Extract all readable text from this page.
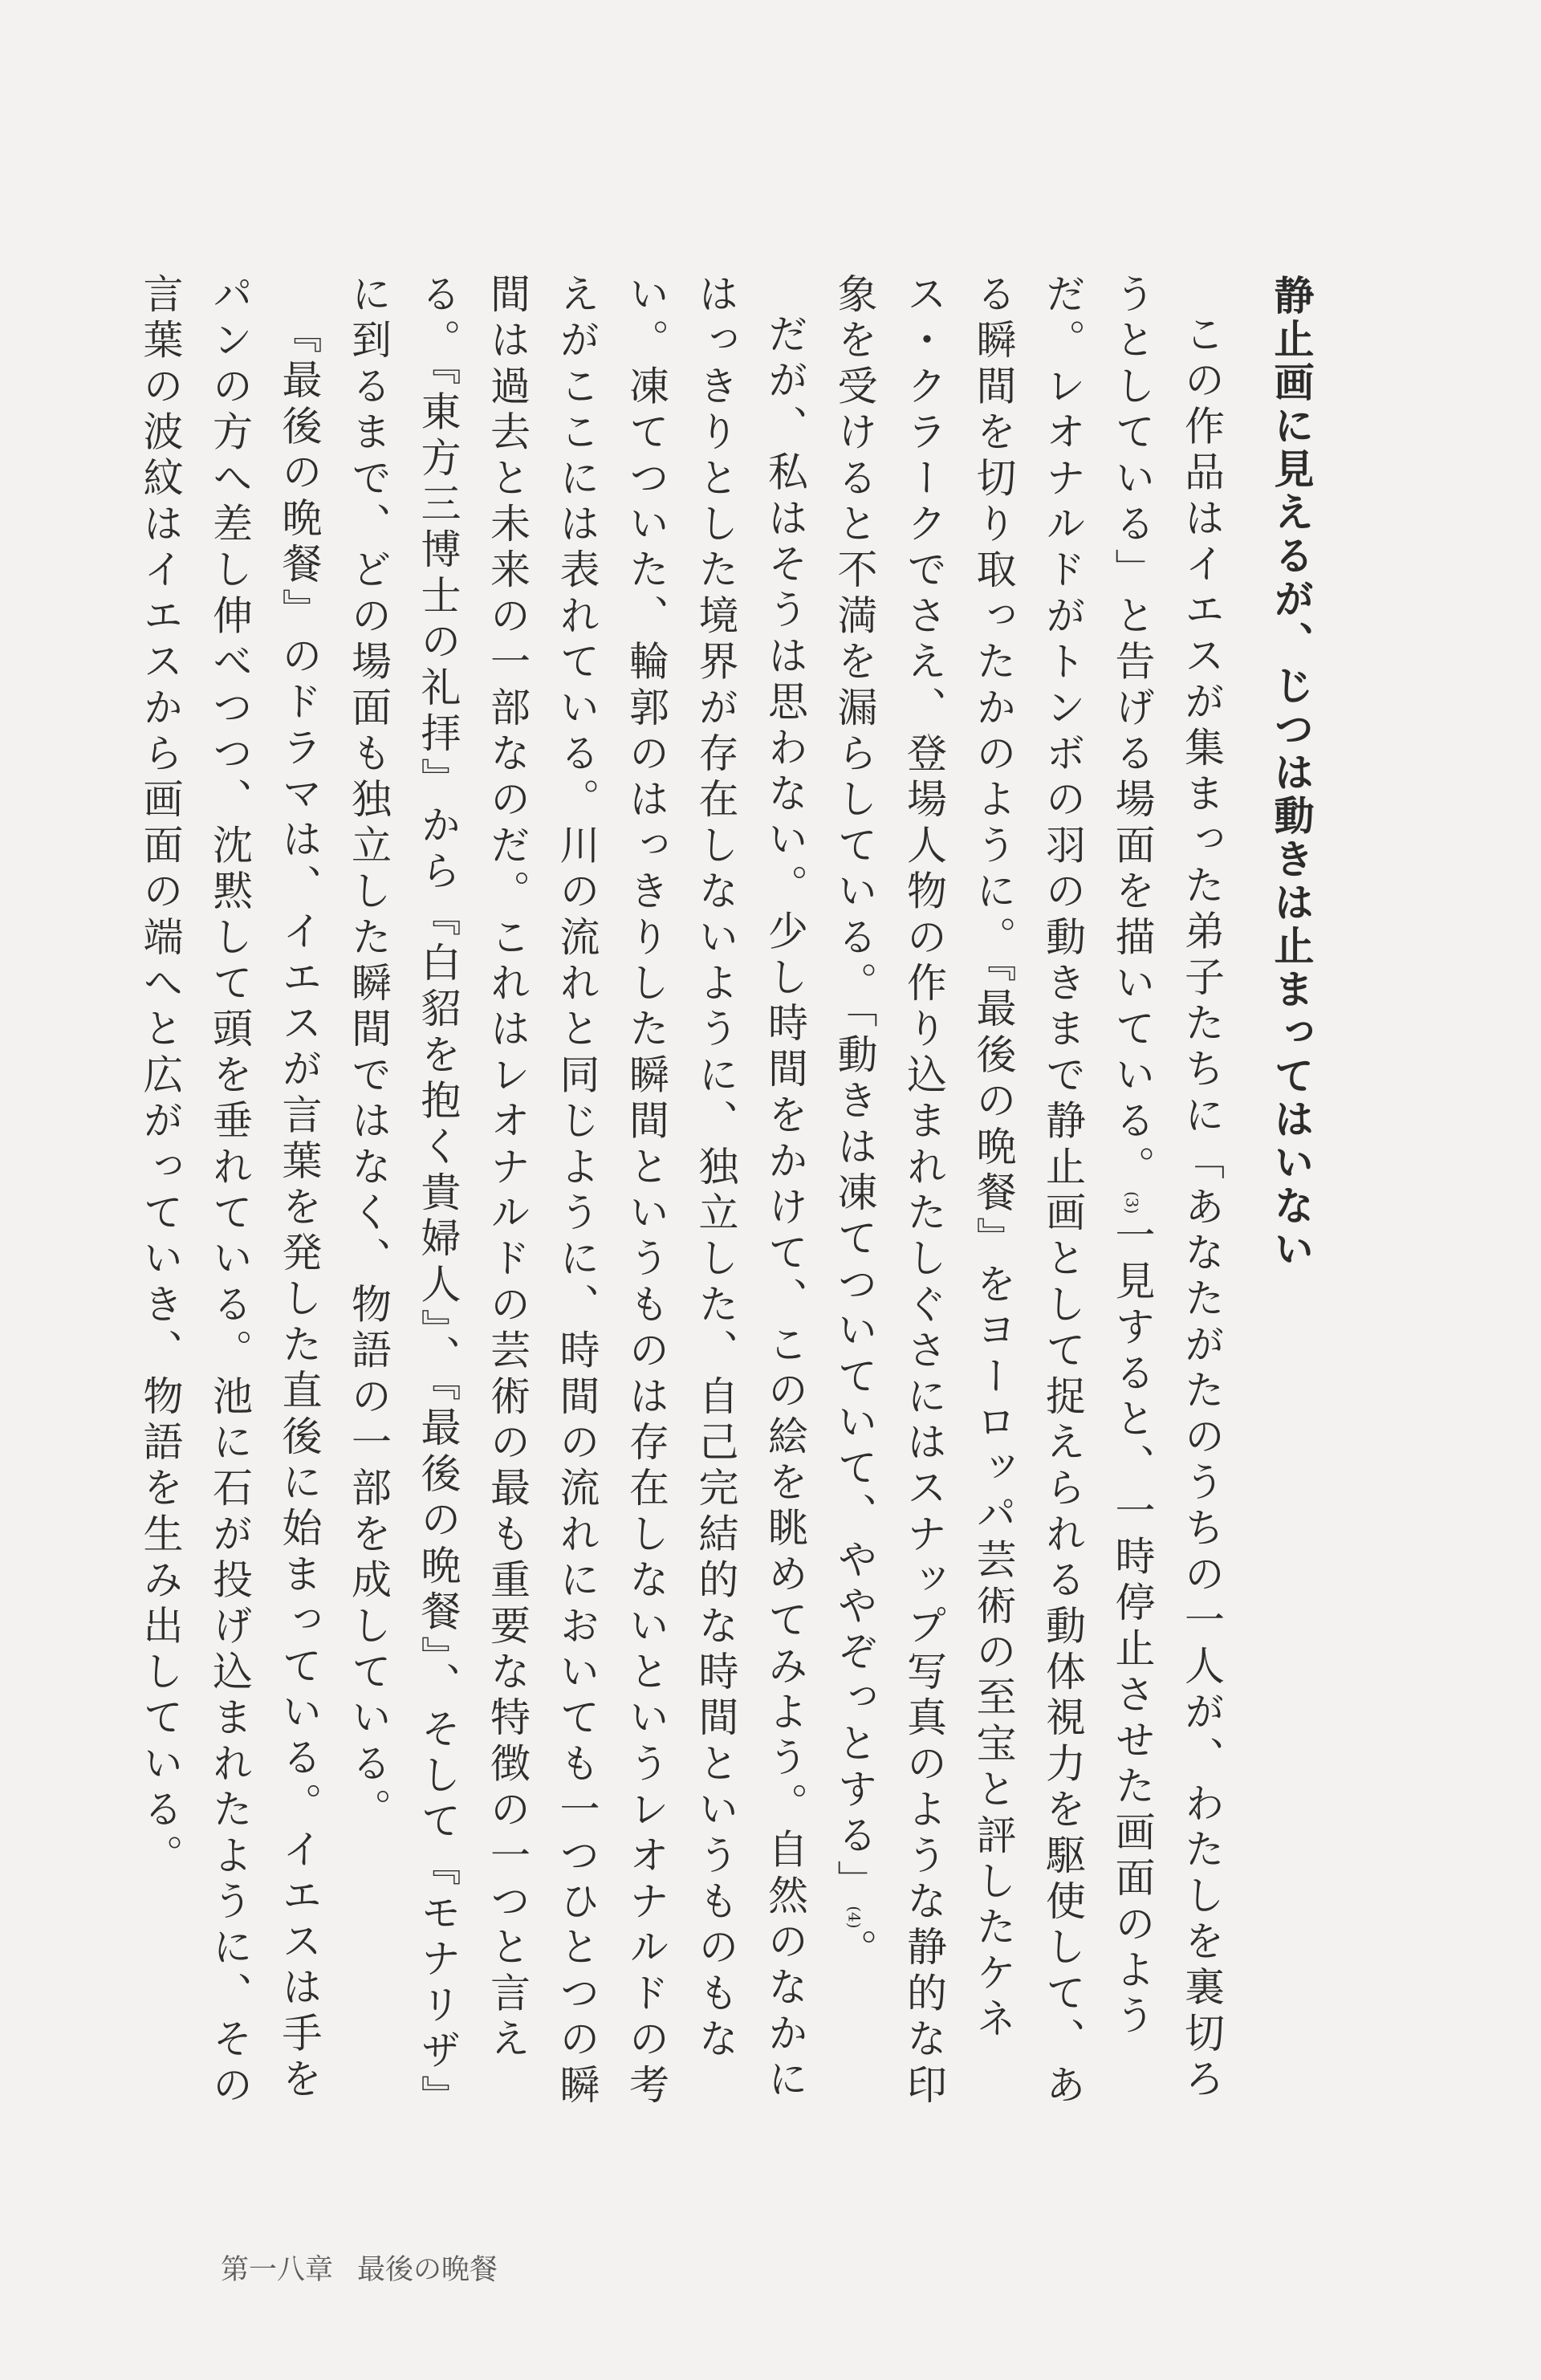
静止画に見えるが、じつは動きは止まってはいない

この作品はイエスが集まった弟子たちに「あなたがたのうちの一人が、わたしを裏切ろうとしている」と告げる場面を描いている。(3)一見すると、一時停止させた画面のようだ。レオナルドがトンボの羽の動きまで静止画として捉えられる動体視力を駆使して、ある瞬間を切り取ったかのように。『最後の晩餐』をヨーロッパ芸術の至宝と評したケネス・クラークでさえ、登場人物の作り込まれたしぐさにはスナップ写真のような静的な印象を受けると不満を漏らしている。「動きは凍てついていて、ややぞっとする」(4)。

だが、私はそうは思わない。少し時間をかけて、この絵を眺めてみよう。自然のなかにはっきりとした境界が存在しないように、独立した、自己完結的な時間というものもない。凍てついた、輪郭のはっきりした瞬間というものは存在しないというレオナルドの考えがここには表れている。川の流れと同じように、時間の流れにおいても一つひとつの瞬間は過去と未来の一部なのだ。これはレオナルドの芸術の最も重要な特徴の一つと言える。『東方三博士の礼拝』から『白貂を抱く貴婦人』、『最後の晩餐』、そして『モナリザ』に到るまで、どの場面も独立した瞬間ではなく、物語の一部を成している。

『最後の晩餐』のドラマは、イエスが言葉を発した直後に始まっている。イエスは手をパンの方へ差し伸べつつ、沈黙して頭を垂れている。池に石が投げ込まれたように、その言葉の波紋はイエスから画面の端へと広がっていき、物語を生み出している。

第一八章 最後の晩餐
